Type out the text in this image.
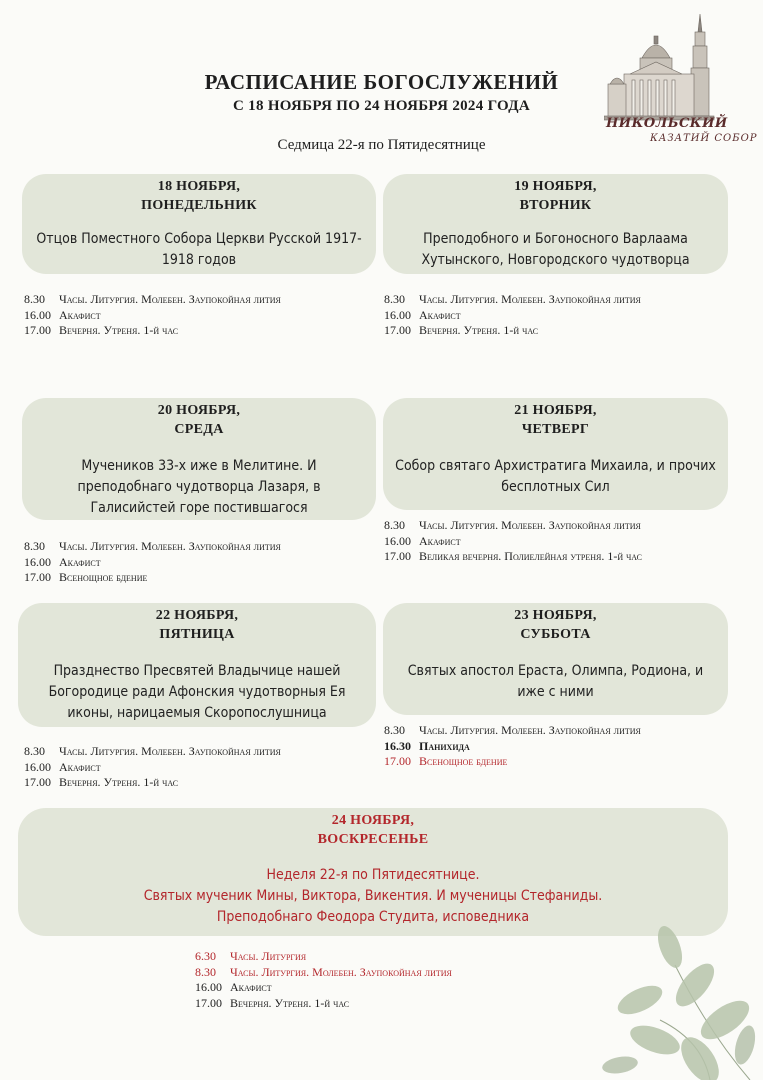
РАСПИСАНИЕ БОГОСЛУЖЕНИЙ
С 18 НОЯБРЯ ПО 24 НОЯБРЯ 2024 ГОДА
Седмица 22-я по Пятидесятнице
НИКОЛЬСКИЙ
КАЗАТИЙ СОБОР
18 НОЯБРЯ,
ПОНЕДЕЛЬНИК
Отцов Поместного Собора Церкви Русской 1917-1918 годов
8.30 Часы. Литургия. Молебен. Заупокойная лития
16.00 Акафист
17.00 Вечерня. Утреня. 1-й час
19 НОЯБРЯ,
ВТОРНИК
Преподобного и Богоносного Варлаама Хутынского, Новгородского чудотворца
8.30 Часы. Литургия. Молебен. Заупокойная лития
16.00 Акафист
17.00 Вечерня. Утреня. 1-й час
20 НОЯБРЯ,
СРЕДА
Мучеников 33-х иже в Мелитине. И преподобнаго чудотворца Лазаря, в Галисийстей горе постившагося
8.30 Часы. Литургия. Молебен. Заупокойная лития
16.00 Акафист
17.00 Всенощное бдение
21 НОЯБРЯ,
ЧЕТВЕРГ
Собор святаго Архистратига Михаила, и прочих бесплотных Сил
8.30 Часы. Литургия. Молебен. Заупокойная лития
16.00 Акафист
17.00 Великая вечерня. Полиелейная утреня. 1-й час
22 НОЯБРЯ,
ПЯТНИЦА
Празднество Пресвятей Владычице нашей Богородице ради Афонския чудотворныя Ея иконы, нарицаемыя Скоропослушница
8.30 Часы. Литургия. Молебен. Заупокойная лития
16.00 Акафист
17.00 Вечерня. Утреня. 1-й час
23 НОЯБРЯ,
СУББОТА
Святых апостол Ераста, Олимпа, Родиона, и иже с ними
8.30 Часы. Литургия. Молебен. Заупокойная лития
16.30 Панихида
17.00 Всенощное бдение
24 НОЯБРЯ,
ВОСКРЕСЕНЬЕ
Неделя 22-я по Пятидесятнице.
Святых мученик Мины, Виктора, Викентия. И мученицы Стефаниды.
Преподобнаго Феодора Студита, исповедника
6.30 Часы. Литургия
8.30 Часы. Литургия. Молебен. Заупокойная лития
16.00 Акафист
17.00 Вечерня. Утреня. 1-й час
